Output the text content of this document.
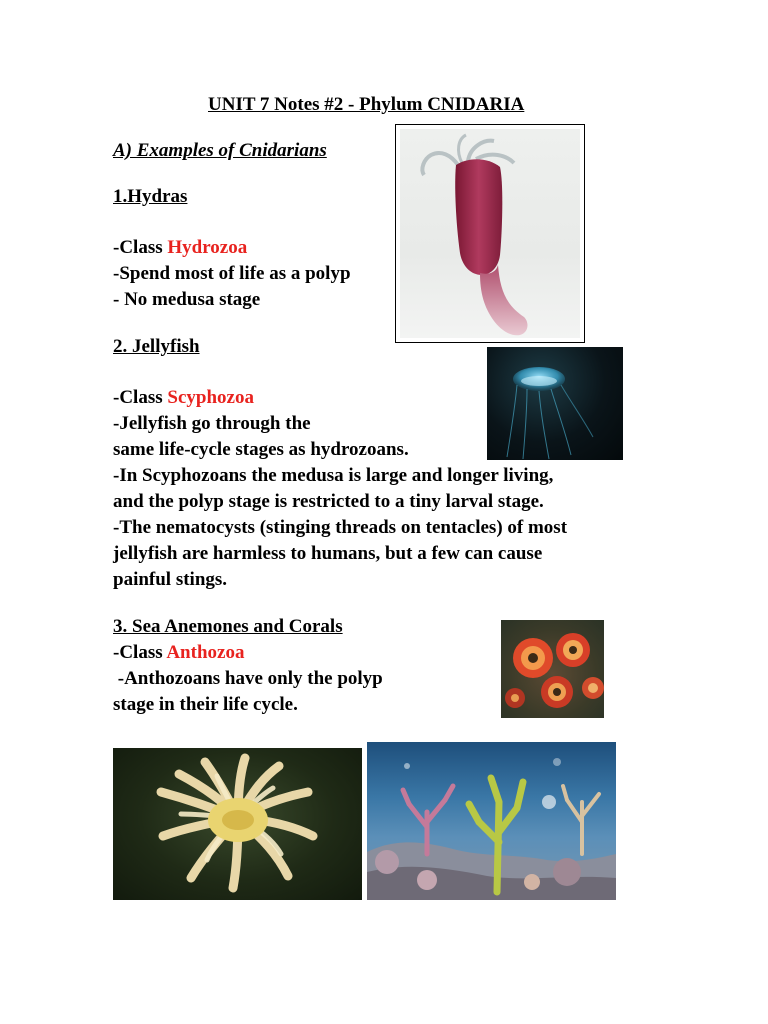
UNIT 7 Notes #2 - Phylum CNIDARIA
A) Examples of Cnidarians
1.Hydras
-Class Hydrozoa
-Spend most of life as a polyp
- No medusa stage
2. Jellyfish
-Class Scyphozoa
-Jellyfish go through the
same life-cycle stages as hydrozoans.
-In Scyphozoans the medusa is large and longer living,
and the polyp stage is restricted to a tiny larval stage.
-The nematocysts (stinging threads on tentacles) of most
jellyfish are harmless to humans, but a few can cause
painful stings.
3. Sea Anemones and Corals
-Class Anthozoa
-Anthozoans have only the polyp
stage in their life cycle.
